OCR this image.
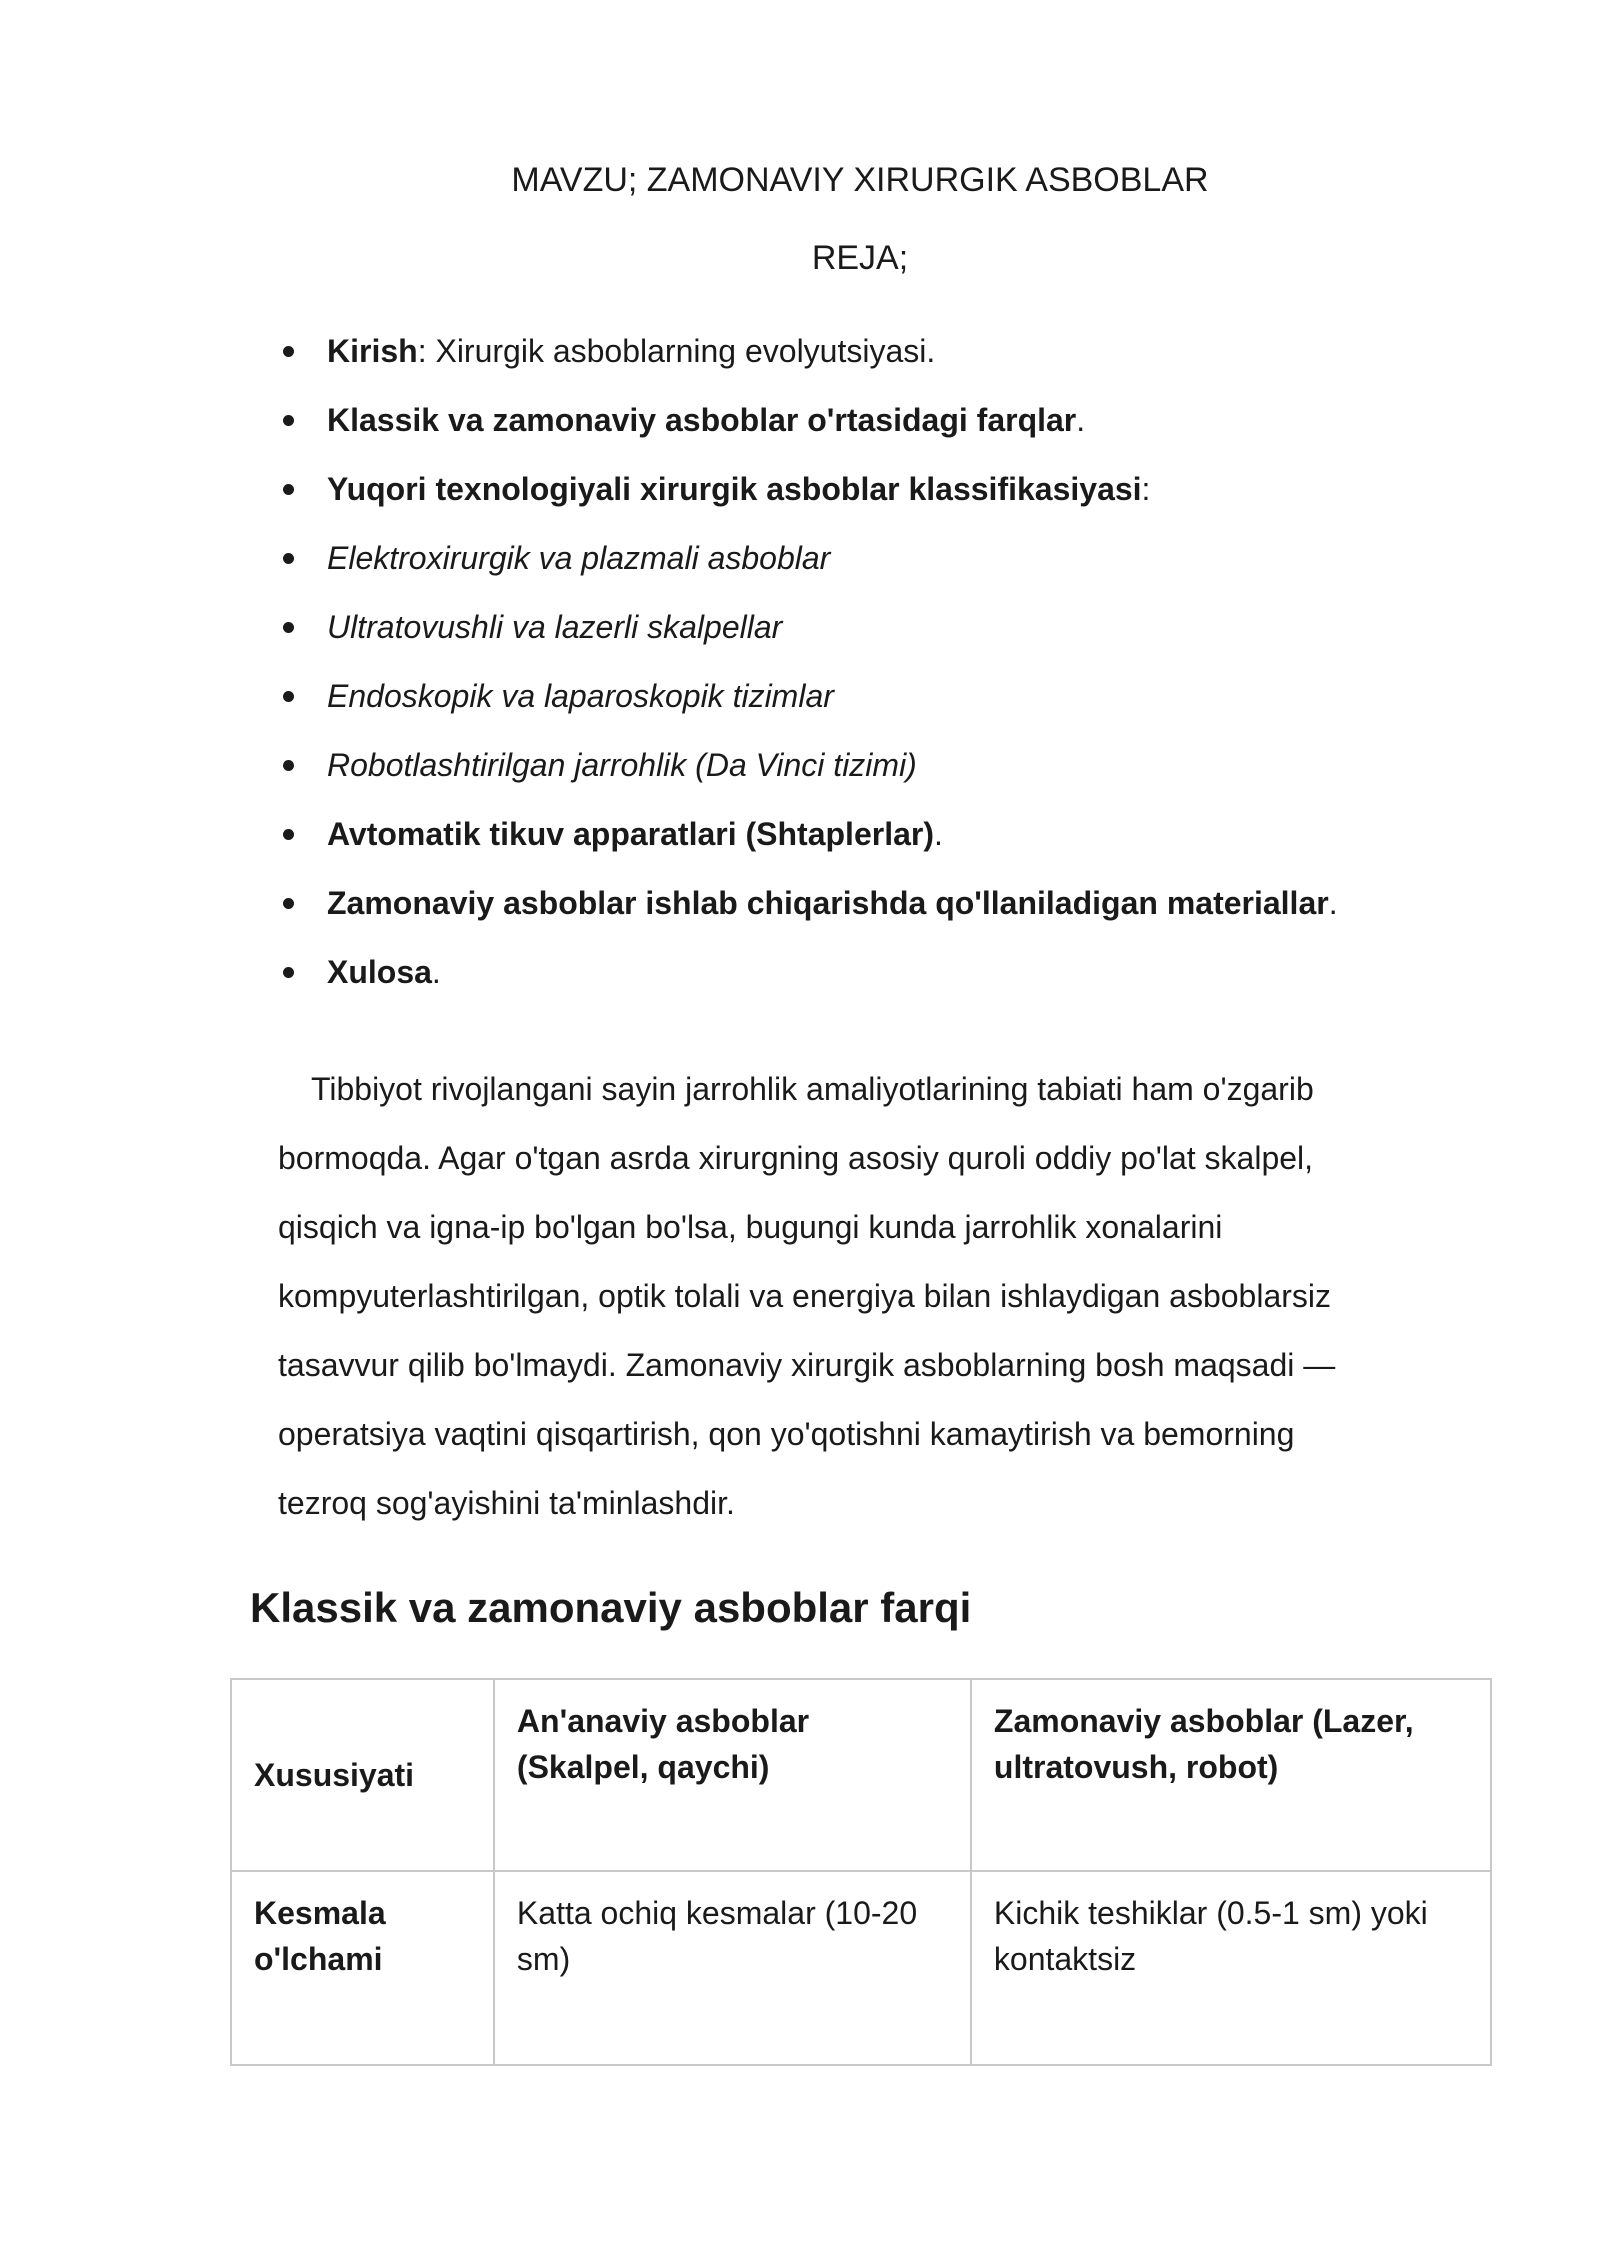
MAVZU; ZAMONAVIY XIRURGIK ASBOBLAR
REJA;
Kirish: Xirurgik asboblarning evolyutsiyasi.
Klassik va zamonaviy asboblar o'rtasidagi farqlar.
Yuqori texnologiyali xirurgik asboblar klassifikasiyasi:
Elektroxirurgik va plazmali asboblar
Ultratovushli va lazerli skalpellar
Endoskopik va laparoskopik tizimlar
Robotlashtirilgan jarrohlik (Da Vinci tizimi)
Avtomatik tikuv apparatlari (Shtaplerlar).
Zamonaviy asboblar ishlab chiqarishda qo'llaniladigan materiallar.
Xulosa.

Tibbiyot rivojlangani sayin jarrohlik amaliyotlarining tabiati ham o'zgarib
bormoqda. Agar o'tgan asrda xirurgning asosiy quroli oddiy po'lat skalpel,
qisqich va igna-ip bo'lgan bo'lsa, bugungi kunda jarrohlik xonalarini
kompyuterlashtirilgan, optik tolali va energiya bilan ishlaydigan asboblarsiz
tasavvur qilib bo'lmaydi. Zamonaviy xirurgik asboblarning bosh maqsadi —
operatsiya vaqtini qisqartirish, qon yo'qotishni kamaytirish va bemorning
tezroq sog'ayishini ta'minlashdir.

Klassik va zamonaviy asboblar farqi
Xususiyati	An'anaviy asboblar (Skalpel, qaychi)	Zamonaviy asboblar (Lazer, ultratovush, robot)
Kesmala o'lchami	Katta ochiq kesmalar (10-20 sm)	Kichik teshiklar (0.5-1 sm) yoki kontaktsiz
